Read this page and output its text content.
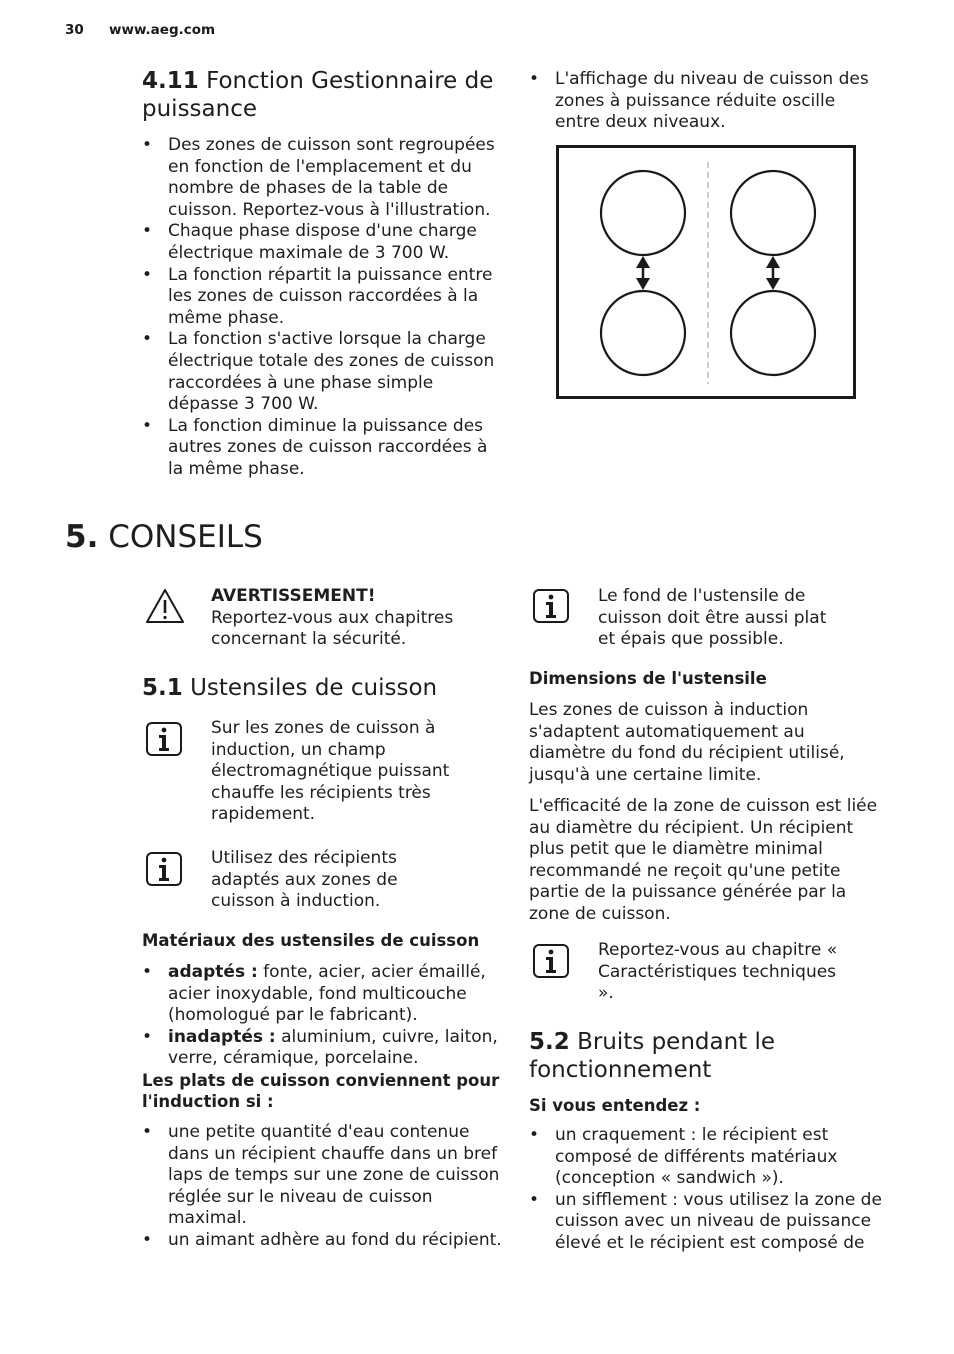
30 www.aeg.com
4.11 Fonction Gestionnaire de puissance
• Des zones de cuisson sont regroupées en fonction de l'emplacement et du nombre de phases de la table de cuisson. Reportez-vous à l'illustration.
• Chaque phase dispose d'une charge électrique maximale de 3 700 W.
• La fonction répartit la puissance entre les zones de cuisson raccordées à la même phase.
• La fonction s'active lorsque la charge électrique totale des zones de cuisson raccordées à une phase simple dépasse 3 700 W.
• La fonction diminue la puissance des autres zones de cuisson raccordées à la même phase.
• L'affichage du niveau de cuisson des zones à puissance réduite oscille entre deux niveaux.
5. CONSEILS
AVERTISSEMENT!
Reportez-vous aux chapitres concernant la sécurité.
5.1 Ustensiles de cuisson
Sur les zones de cuisson à induction, un champ électromagnétique puissant chauffe les récipients très rapidement.
Utilisez des récipients adaptés aux zones de cuisson à induction.
Matériaux des ustensiles de cuisson
• adaptés : fonte, acier, acier émaillé, acier inoxydable, fond multicouche (homologué par le fabricant).
• inadaptés : aluminium, cuivre, laiton, verre, céramique, porcelaine.
Les plats de cuisson conviennent pour l'induction si :
• une petite quantité d'eau contenue dans un récipient chauffe dans un bref laps de temps sur une zone de cuisson réglée sur le niveau de cuisson maximal.
• un aimant adhère au fond du récipient.
Le fond de l'ustensile de cuisson doit être aussi plat et épais que possible.
Dimensions de l'ustensile
Les zones de cuisson à induction s'adaptent automatiquement au diamètre du fond du récipient utilisé, jusqu'à une certaine limite.
L'efficacité de la zone de cuisson est liée au diamètre du récipient. Un récipient plus petit que le diamètre minimal recommandé ne reçoit qu'une petite partie de la puissance générée par la zone de cuisson.
Reportez-vous au chapitre « Caractéristiques techniques ».
5.2 Bruits pendant le fonctionnement
Si vous entendez :
• un craquement : le récipient est composé de différents matériaux (conception « sandwich »).
• un sifflement : vous utilisez la zone de cuisson avec un niveau de puissance élevé et le récipient est composé de
